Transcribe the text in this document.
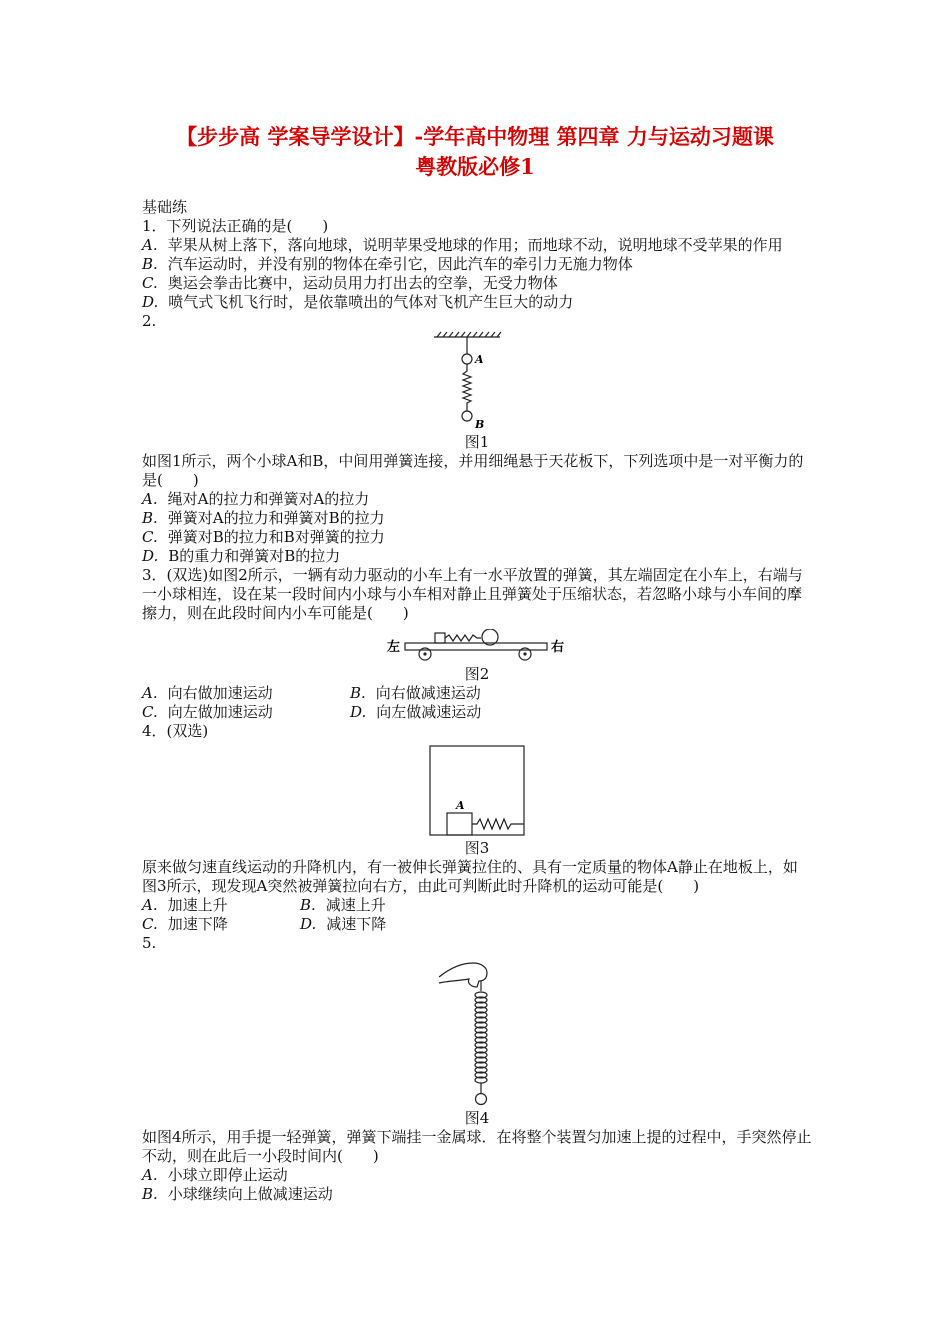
【步步高 学案导学设计】-学年高中物理 第四章 力与运动习题课
粤教版必修1
基础练
1．下列说法正确的是(　　)
A. 苹果从树上落下，落向地球，说明苹果受地球的作用；而地球不动，说明地球不受苹果的作用
B. 汽车运动时，并没有别的物体在牵引它，因此汽车的牵引力无施力物体
C. 奥运会拳击比赛中，运动员用力打出去的空拳，无受力物体
D. 喷气式飞机飞行时，是依靠喷出的气体对飞机产生巨大的动力
2.
A
B
图1
如图1所示，两个小球A和B，中间用弹簧连接，并用细绳悬于天花板下，下列选项中是一对平衡力的是(　　)
A. 绳对A的拉力和弹簧对A的拉力
B. 弹簧对A的拉力和弹簧对B的拉力
C. 弹簧对B的拉力和B对弹簧的拉力
D. B的重力和弹簧对B的拉力
3．(双选)如图2所示，一辆有动力驱动的小车上有一水平放置的弹簧，其左端固定在小车上，右端与一小球相连，设在某一段时间内小球与小车相对静止且弹簧处于压缩状态，若忽略小球与小车间的摩擦力，则在此段时间内小车可能是(　　)
左	右
图2
A. 向右做加速运动	B. 向右做减速运动
C. 向左做加速运动	D. 向左做减速运动
4．(双选)
A
图3
原来做匀速直线运动的升降机内，有一被伸长弹簧拉住的、具有一定质量的物体A静止在地板上，如图3所示，现发现A突然被弹簧拉向右方，由此可判断此时升降机的运动可能是(　　)
A. 加速上升	B. 减速上升
C. 加速下降	D. 减速下降
5.
图4
如图4所示，用手提一轻弹簧，弹簧下端挂一金属球．在将整个装置匀加速上提的过程中，手突然停止不动，则在此后一小段时间内(　　)
A. 小球立即停止运动
B. 小球继续向上做减速运动
